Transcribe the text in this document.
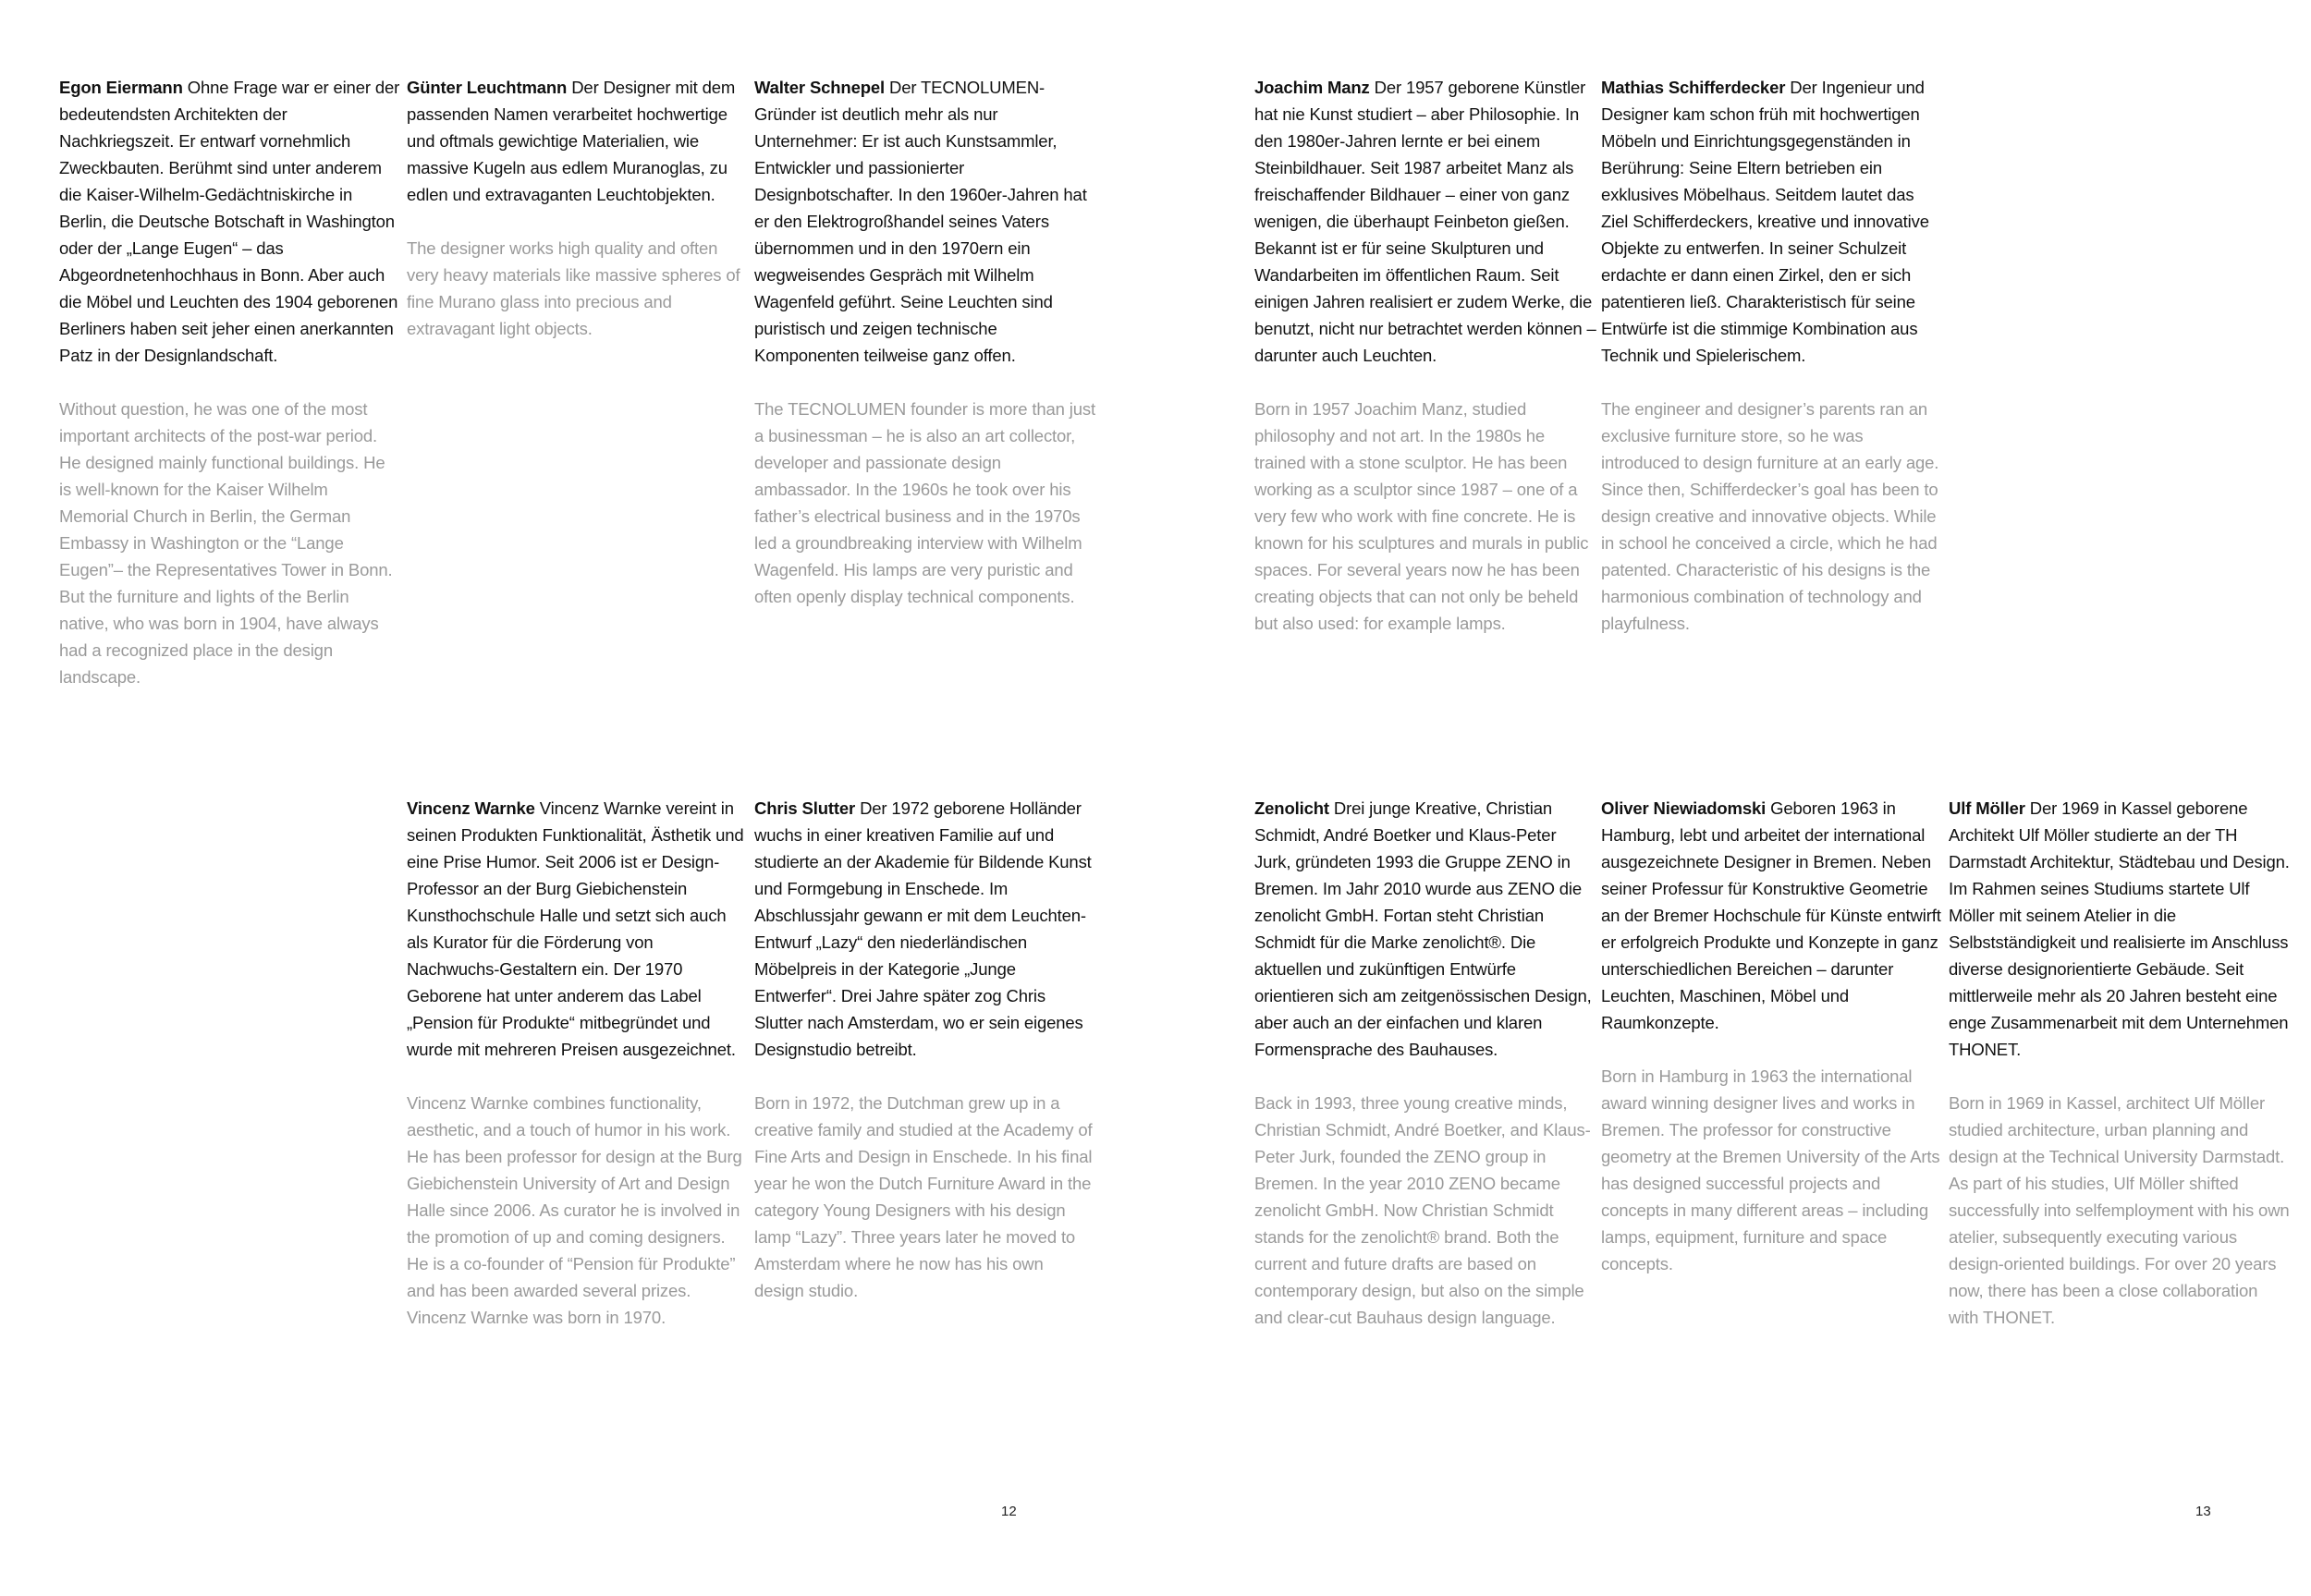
Egon Eiermann Ohne Frage war er einer der bedeutendsten Architekten der Nachkriegszeit. Er entwarf vornehmlich Zweckbauten. Berühmt sind unter anderem die Kaiser-Wilhelm-Gedächtniskirche in Berlin, die Deutsche Botschaft in Washington oder der „Lange Eugen“ – das Abgeordnetenhochhaus in Bonn. Aber auch die Möbel und Leuchten des 1904 geborenen Berliners haben seit jeher einen anerkannten Patz in der Designlandschaft.

Without question, he was one of the most important architects of the post-war period. He designed mainly functional buildings. He is well-known for the Kaiser Wilhelm Memorial Church in Berlin, the German Embassy in Washington or the “Lange Eugen”– the Representatives Tower in Bonn. But the furniture and lights of the Berlin native, who was born in 1904, have always had a recognized place in the design landscape.

Günter Leuchtmann Der Designer mit dem passenden Namen verarbeitet hochwertige und oftmals gewichtige Materialien, wie massive Kugeln aus edlem Muranoglas, zu edlen und extravaganten Leuchtobjekten.

The designer works high quality and often very heavy materials like massive spheres of fine Murano glass into precious and extravagant light objects.

Walter Schnepel Der TECNOLUMEN-Gründer ist deutlich mehr als nur Unternehmer: Er ist auch Kunstsammler, Entwickler und passionierter Designbotschafter. In den 1960er-Jahren hat er den Elektrogroßhandel seines Vaters übernommen und in den 1970ern ein wegweisendes Gespräch mit Wilhelm Wagenfeld geführt. Seine Leuchten sind puristisch und zeigen technische Komponenten teilweise ganz offen.

The TECNOLUMEN founder is more than just a businessman – he is also an art collector, developer and passionate design ambassador. In the 1960s he took over his father’s electrical business and in the 1970s led a groundbreaking interview with Wilhelm Wagenfeld. His lamps are very puristic and often openly display technical components.

Joachim Manz Der 1957 geborene Künstler hat nie Kunst studiert – aber Philosophie. In den 1980er-Jahren lernte er bei einem Steinbildhauer. Seit 1987 arbeitet Manz als freischaffender Bildhauer – einer von ganz wenigen, die überhaupt Feinbeton gießen. Bekannt ist er für seine Skulpturen und Wandarbeiten im öffentlichen Raum. Seit einigen Jahren realisiert er zudem Werke, die benutzt, nicht nur betrachtet werden können – darunter auch Leuchten.

Born in 1957 Joachim Manz, studied philosophy and not art. In the 1980s he trained with a stone sculptor. He has been working as a sculptor since 1987 – one of a very few who work with fine concrete. He is known for his sculptures and murals in public spaces. For several years now he has been creating objects that can not only be beheld but also used: for example lamps.

Mathias Schifferdecker Der Ingenieur und Designer kam schon früh mit hochwertigen Möbeln und Einrichtungsgegenständen in Berührung: Seine Eltern betrieben ein exklusives Möbelhaus. Seitdem lautet das Ziel Schifferdeckers, kreative und innovative Objekte zu entwerfen. In seiner Schulzeit erdachte er dann einen Zirkel, den er sich patentieren ließ. Charakteristisch für seine Entwürfe ist die stimmige Kombination aus Technik und Spielerischem.

The engineer and designer’s parents ran an exclusive furniture store, so he was introduced to design furniture at an early age. Since then, Schifferdecker’s goal has been to design creative and innovative objects. While in school he conceived a circle, which he had patented. Characteristic of his designs is the harmonious combination of technology and playfulness.

Vincenz Warnke Vincenz Warnke vereint in seinen Produkten Funktionalität, Ästhetik und eine Prise Humor. Seit 2006 ist er Design-Professor an der Burg Giebichenstein Kunsthochschule Halle und setzt sich auch als Kurator für die Förderung von Nachwuchs-Gestaltern ein. Der 1970 Geborene hat unter anderem das Label „Pension für Produkte“ mitbegründet und wurde mit mehreren Preisen ausgezeichnet.

Vincenz Warnke combines functionality, aesthetic, and a touch of humor in his work. He has been professor for design at the Burg Giebichenstein University of Art and Design Halle since 2006. As curator he is involved in the promotion of up and coming designers. He is a co-founder of “Pension für Produkte” and has been awarded several prizes. Vincenz Warnke was born in 1970.

Chris Slutter Der 1972 geborene Holländer wuchs in einer kreativen Familie auf und studierte an der Akademie für Bildende Kunst und Formgebung in Enschede. Im Abschlussjahr gewann er mit dem Leuchten-Entwurf „Lazy“ den niederländischen Möbelpreis in der Kategorie „Junge Entwerfer“. Drei Jahre später zog Chris Slutter nach Amsterdam, wo er sein eigenes Designstudio betreibt.

Born in 1972, the Dutchman grew up in a creative family and studied at the Academy of Fine Arts and Design in Enschede. In his final year he won the Dutch Furniture Award in the category Young Designers with his design lamp “Lazy”. Three years later he moved to Amsterdam where he now has his own design studio.

Zenolicht Drei junge Kreative, Christian Schmidt, André Boetker und Klaus-Peter Jurk, gründeten 1993 die Gruppe ZENO in Bremen. Im Jahr 2010 wurde aus ZENO die zenolicht GmbH. Fortan steht Christian Schmidt für die Marke zenolicht®. Die aktuellen und zukünftigen Entwürfe orientieren sich am zeitgenössischen Design, aber auch an der einfachen und klaren Formensprache des Bauhauses.

Back in 1993, three young creative minds, Christian Schmidt, André Boetker, and Klaus-Peter Jurk, founded the ZENO group in Bremen. In the year 2010 ZENO became zenolicht GmbH. Now Christian Schmidt stands for the zenolicht® brand. Both the current and future drafts are based on contemporary design, but also on the simple and clear-cut Bauhaus design language.

Oliver Niewiadomski Geboren 1963 in Hamburg, lebt und arbeitet der international ausgezeichnete Designer in Bremen. Neben seiner Professur für Konstruktive Geometrie an der Bremer Hochschule für Künste entwirft er erfolgreich Produkte und Konzepte in ganz unterschiedlichen Bereichen – darunter Leuchten, Maschinen, Möbel und Raumkonzepte.

Born in Hamburg in 1963 the international award winning designer lives and works in Bremen. The professor for constructive geometry at the Bremen University of the Arts has designed successful projects and concepts in many different areas – including lamps, equipment, furniture and space concepts.

Ulf Möller Der 1969 in Kassel geborene Architekt Ulf Möller studierte an der TH Darmstadt Architektur, Städtebau und Design. Im Rahmen seines Studiums startete Ulf Möller mit seinem Atelier in die Selbstständigkeit und realisierte im Anschluss diverse designorientierte Gebäude. Seit mittlerweile mehr als 20 Jahren besteht eine enge Zusammenarbeit mit dem Unternehmen THONET.

Born in 1969 in Kassel, architect Ulf Möller studied architecture, urban planning and design at the Technical University Darmstadt. As part of his studies, Ulf Möller shifted successfully into selfemployment with his own atelier, subsequently executing various design-oriented buildings. For over 20 years now, there has been a close collaboration with THONET.

12	13
